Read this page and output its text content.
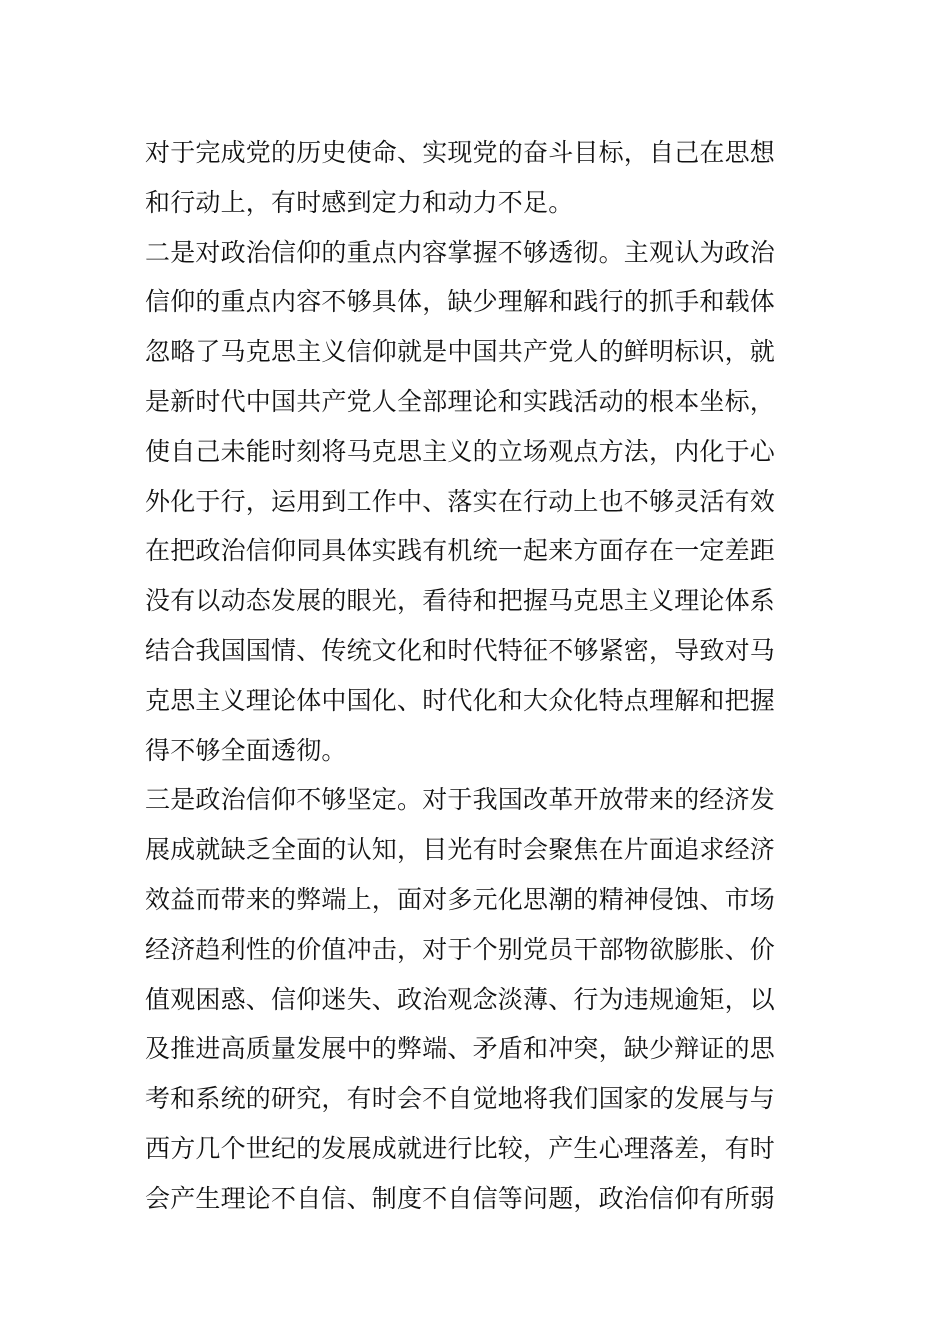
对于完成党的历史使命、实现党的奋斗目标，自己在思想
和行动上，有时感到定力和动力不足。
二是对政治信仰的重点内容掌握不够透彻。主观认为政治
信仰的重点内容不够具体，缺少理解和践行的抓手和载体
忽略了马克思主义信仰就是中国共产党人的鲜明标识，就
是新时代中国共产党人全部理论和实践活动的根本坐标，
使自己未能时刻将马克思主义的立场观点方法，内化于心
外化于行，运用到工作中、落实在行动上也不够灵活有效
在把政治信仰同具体实践有机统一起来方面存在一定差距
没有以动态发展的眼光，看待和把握马克思主义理论体系
结合我国国情、传统文化和时代特征不够紧密，导致对马
克思主义理论体中国化、时代化和大众化特点理解和把握
得不够全面透彻。
三是政治信仰不够坚定。对于我国改革开放带来的经济发
展成就缺乏全面的认知，目光有时会聚焦在片面追求经济
效益而带来的弊端上，面对多元化思潮的精神侵蚀、市场
经济趋利性的价值冲击，对于个别党员干部物欲膨胀、价
值观困惑、信仰迷失、政治观念淡薄、行为违规逾矩，以
及推进高质量发展中的弊端、矛盾和冲突，缺少辩证的思
考和系统的研究，有时会不自觉地将我们国家的发展与与
西方几个世纪的发展成就进行比较，产生心理落差，有时
会产生理论不自信、制度不自信等问题，政治信仰有所弱
